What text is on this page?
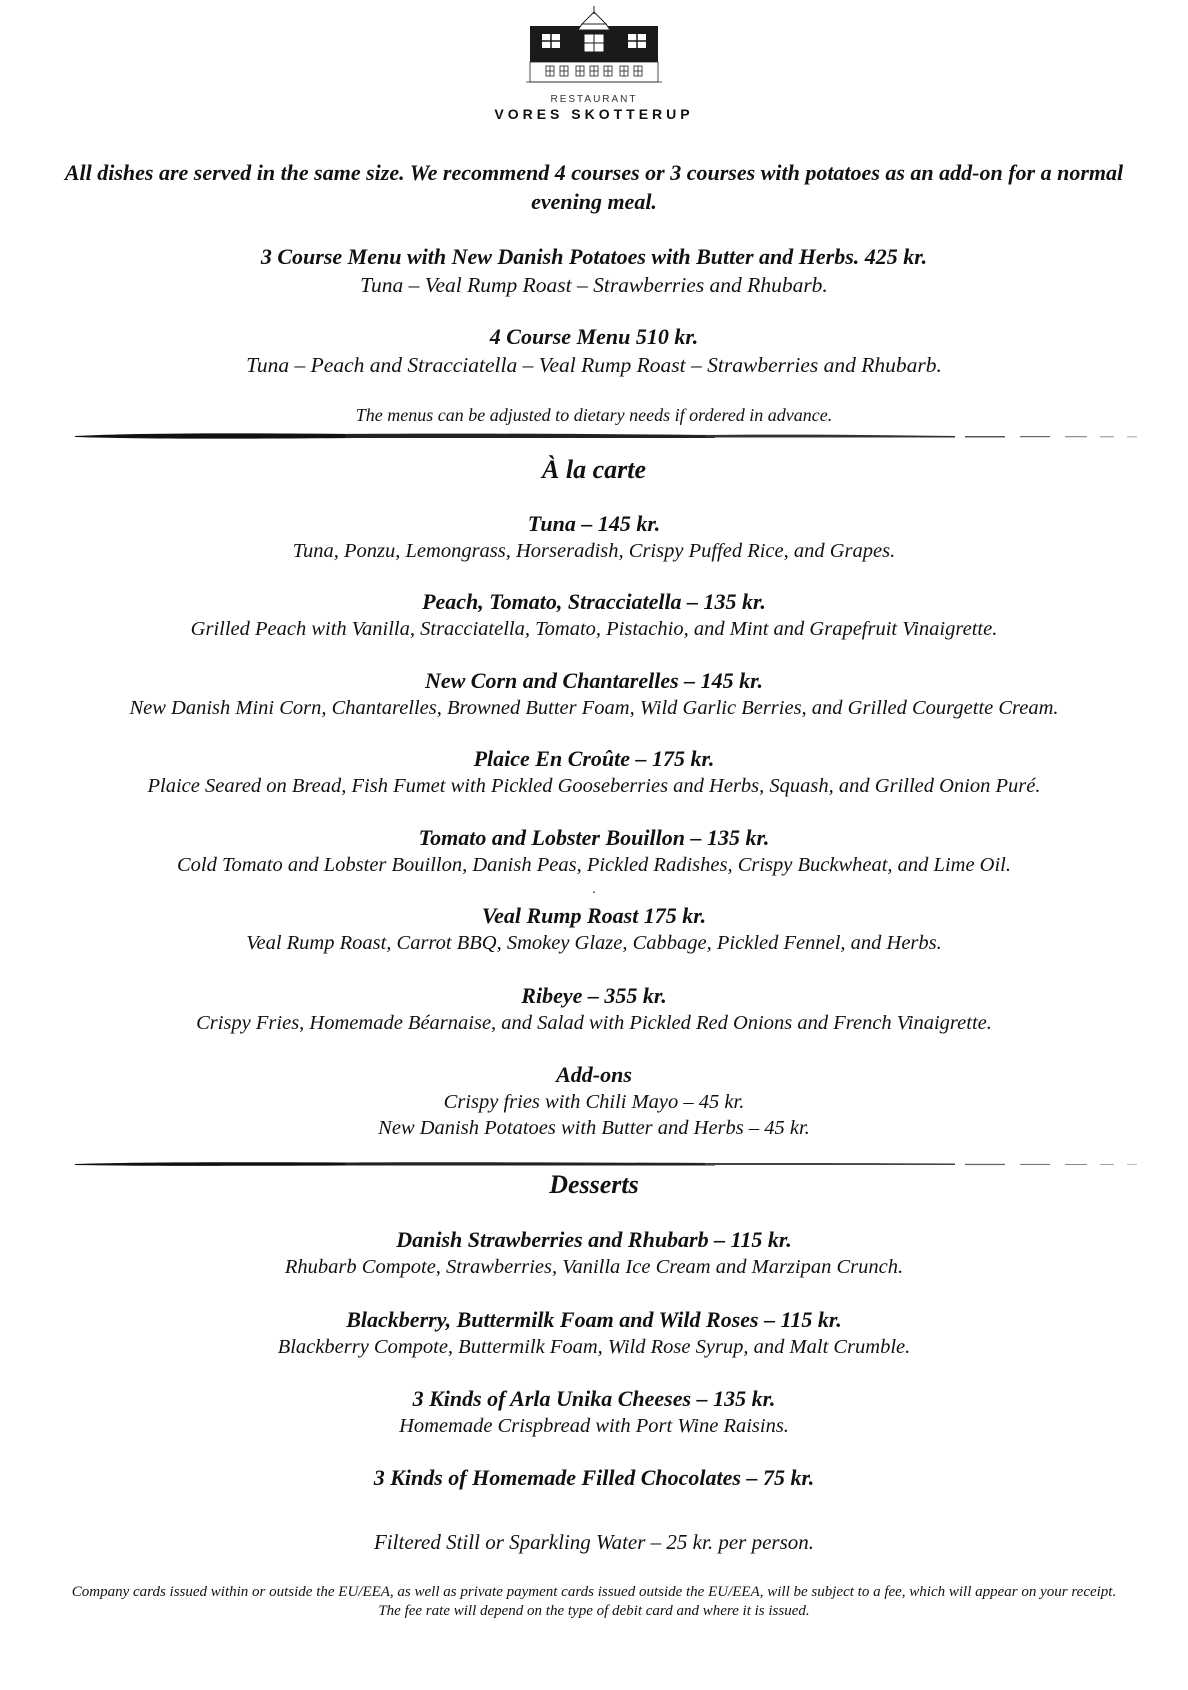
RESTAURANT
VORES SKOTTERUP
All dishes are served in the same size. We recommend 4 courses or 3 courses with potatoes as an add-on for a normal evening meal.
3 Course Menu with New Danish Potatoes with Butter and Herbs. 425 kr.
Tuna – Veal Rump Roast – Strawberries and Rhubarb.
4 Course Menu 510 kr.
Tuna – Peach and Stracciatella – Veal Rump Roast – Strawberries and Rhubarb.
The menus can be adjusted to dietary needs if ordered in advance.
À la carte
Tuna – 145 kr.
Tuna, Ponzu, Lemongrass, Horseradish, Crispy Puffed Rice, and Grapes.
Peach, Tomato, Stracciatella – 135 kr.
Grilled Peach with Vanilla, Stracciatella, Tomato, Pistachio, and Mint and Grapefruit Vinaigrette.
New Corn and Chantarelles – 145 kr.
New Danish Mini Corn, Chantarelles, Browned Butter Foam, Wild Garlic Berries, and Grilled Courgette Cream.
Plaice En Croûte – 175 kr.
Plaice Seared on Bread, Fish Fumet with Pickled Gooseberries and Herbs, Squash, and Grilled Onion Puré.
Tomato and Lobster Bouillon – 135 kr.
Cold Tomato and Lobster Bouillon, Danish Peas, Pickled Radishes, Crispy Buckwheat, and Lime Oil.
.
Veal Rump Roast 175 kr.
Veal Rump Roast, Carrot BBQ, Smokey Glaze, Cabbage, Pickled Fennel, and Herbs.
Ribeye – 355 kr.
Crispy Fries, Homemade Béarnaise, and Salad with Pickled Red Onions and French Vinaigrette.
Add-ons
Crispy fries with Chili Mayo – 45 kr.
New Danish Potatoes with Butter and Herbs – 45 kr.
Desserts
Danish Strawberries and Rhubarb – 115 kr.
Rhubarb Compote, Strawberries, Vanilla Ice Cream and Marzipan Crunch.
Blackberry, Buttermilk Foam and Wild Roses – 115 kr.
Blackberry Compote, Buttermilk Foam, Wild Rose Syrup, and Malt Crumble.
3 Kinds of Arla Unika Cheeses – 135 kr.
Homemade Crispbread with Port Wine Raisins.
3 Kinds of Homemade Filled Chocolates – 75 kr.
Filtered Still or Sparkling Water – 25 kr. per person.
Company cards issued within or outside the EU/EEA, as well as private payment cards issued outside the EU/EEA, will be subject to a fee, which will appear on your receipt. The fee rate will depend on the type of debit card and where it is issued.
